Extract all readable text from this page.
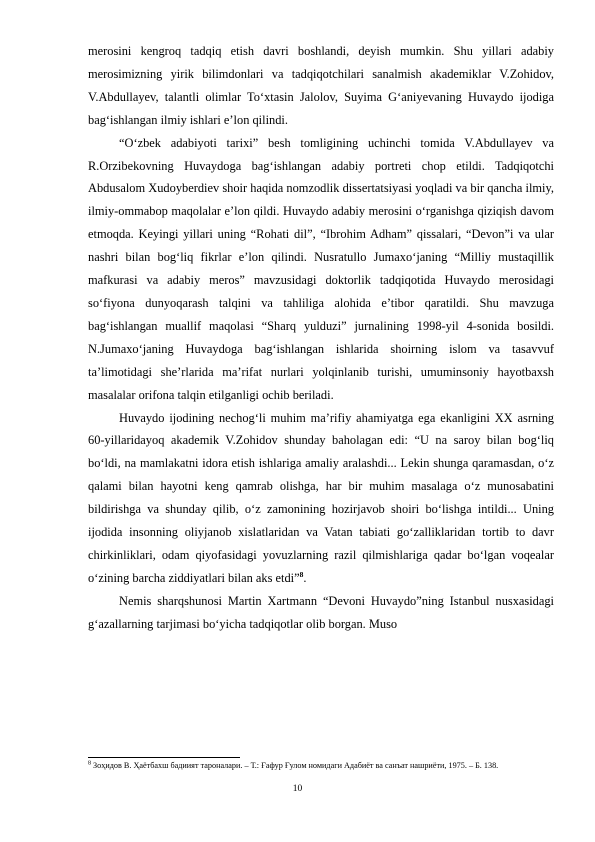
merosini kengroq tadqiq etish davri boshlandi, deyish mumkin. Shu yillari adabiy merosimizning yirik bilimdonlari va tadqiqotchilari sanalmish akademiklar V.Zohidov, V.Abdullayev, talantli olimlar To‘xtasin Jalolov, Suyima G‘aniyevaning Huvaydo ijodiga bag‘ishlangan ilmiy ishlari e’lon qilindi.

“O‘zbek adabiyoti tarixi” besh tomligining uchinchi tomida V.Abdullayev va R.Orzibekovning Huvaydoga bag‘ishlangan adabiy portreti chop etildi. Tadqiqotchi Abdusalom Xudoyberdiev shoir haqida nomzodlik dissertatsiyasi yoqladi va bir qancha ilmiy, ilmiy-ommabop maqolalar e’lon qildi. Huvaydo adabiy merosini o‘rganishga qiziqish davom etmoqda. Keyingi yillari uning “Rohati dil”, “Ibrohim Adham” qissalari, “Devon”i va ular nashri bilan bog‘liq fikrlar e’lon qilindi. Nusratullo Jumaxo‘janing “Milliy mustaqillik mafkurasi va adabiy meros” mavzusidagi doktorlik tadqiqotida Huvaydo merosidagi so‘fiyona dunyoqarash talqini va tahliliga alohida e’tibor qaratildi. Shu mavzuga bag‘ishlangan muallif maqolasi “Sharq yulduzi” jurnalining 1998-yil 4-sonida bosildi. N.Jumaxo‘janing Huvaydoga bag‘ishlangan ishlarida shoirning islom va tasavvuf ta’limotidagi she’rlarida ma’rifat nurlari yolqinlanib turishi, umuminsoniy hayotbaxsh masalalar orifona talqin etilganligi ochib beriladi.

Huvaydo ijodining nechog‘li muhim ma’rifiy ahamiyatga ega ekanligini XX asrning 60-yillaridayoq akademik V.Zohidov shunday baholagan edi: “U na saroy bilan bog‘liq bo‘ldi, na mamlakatni idora etish ishlariga amaliy aralashdi... Lekin shunga qaramasdan, o‘z qalami bilan hayotni keng qamrab olishga, har bir muhim masalaga o‘z munosabatini bildirishga va shunday qilib, o‘z zamonining hozirjavob shoiri bo‘lishga intildi... Uning ijodida insonning oliyjanob xislatlaridan va Vatan tabiati go‘zalliklaridan tortib to davr chirkinliklari, odam qiyofasidagi yovuzlarning razil qilmishlariga qadar bo‘lgan voqealar o‘zining barcha ziddiyatlari bilan aks etdi”$^8$.

Nemis sharqshunosi Martin Xartmann “Devoni Huvaydo”ning Istanbul nusxasidagi g‘azallarning tarjimasi bo‘yicha tadqiqotlar olib borgan. Muso

$^8$ Зоҳидов В. Ҳаётбахш бадиият тароналари. – Т.: Ғафур Ғулом номидаги Адабиёт ва санъат нашриёти, 1975. – Б. 138.
10
